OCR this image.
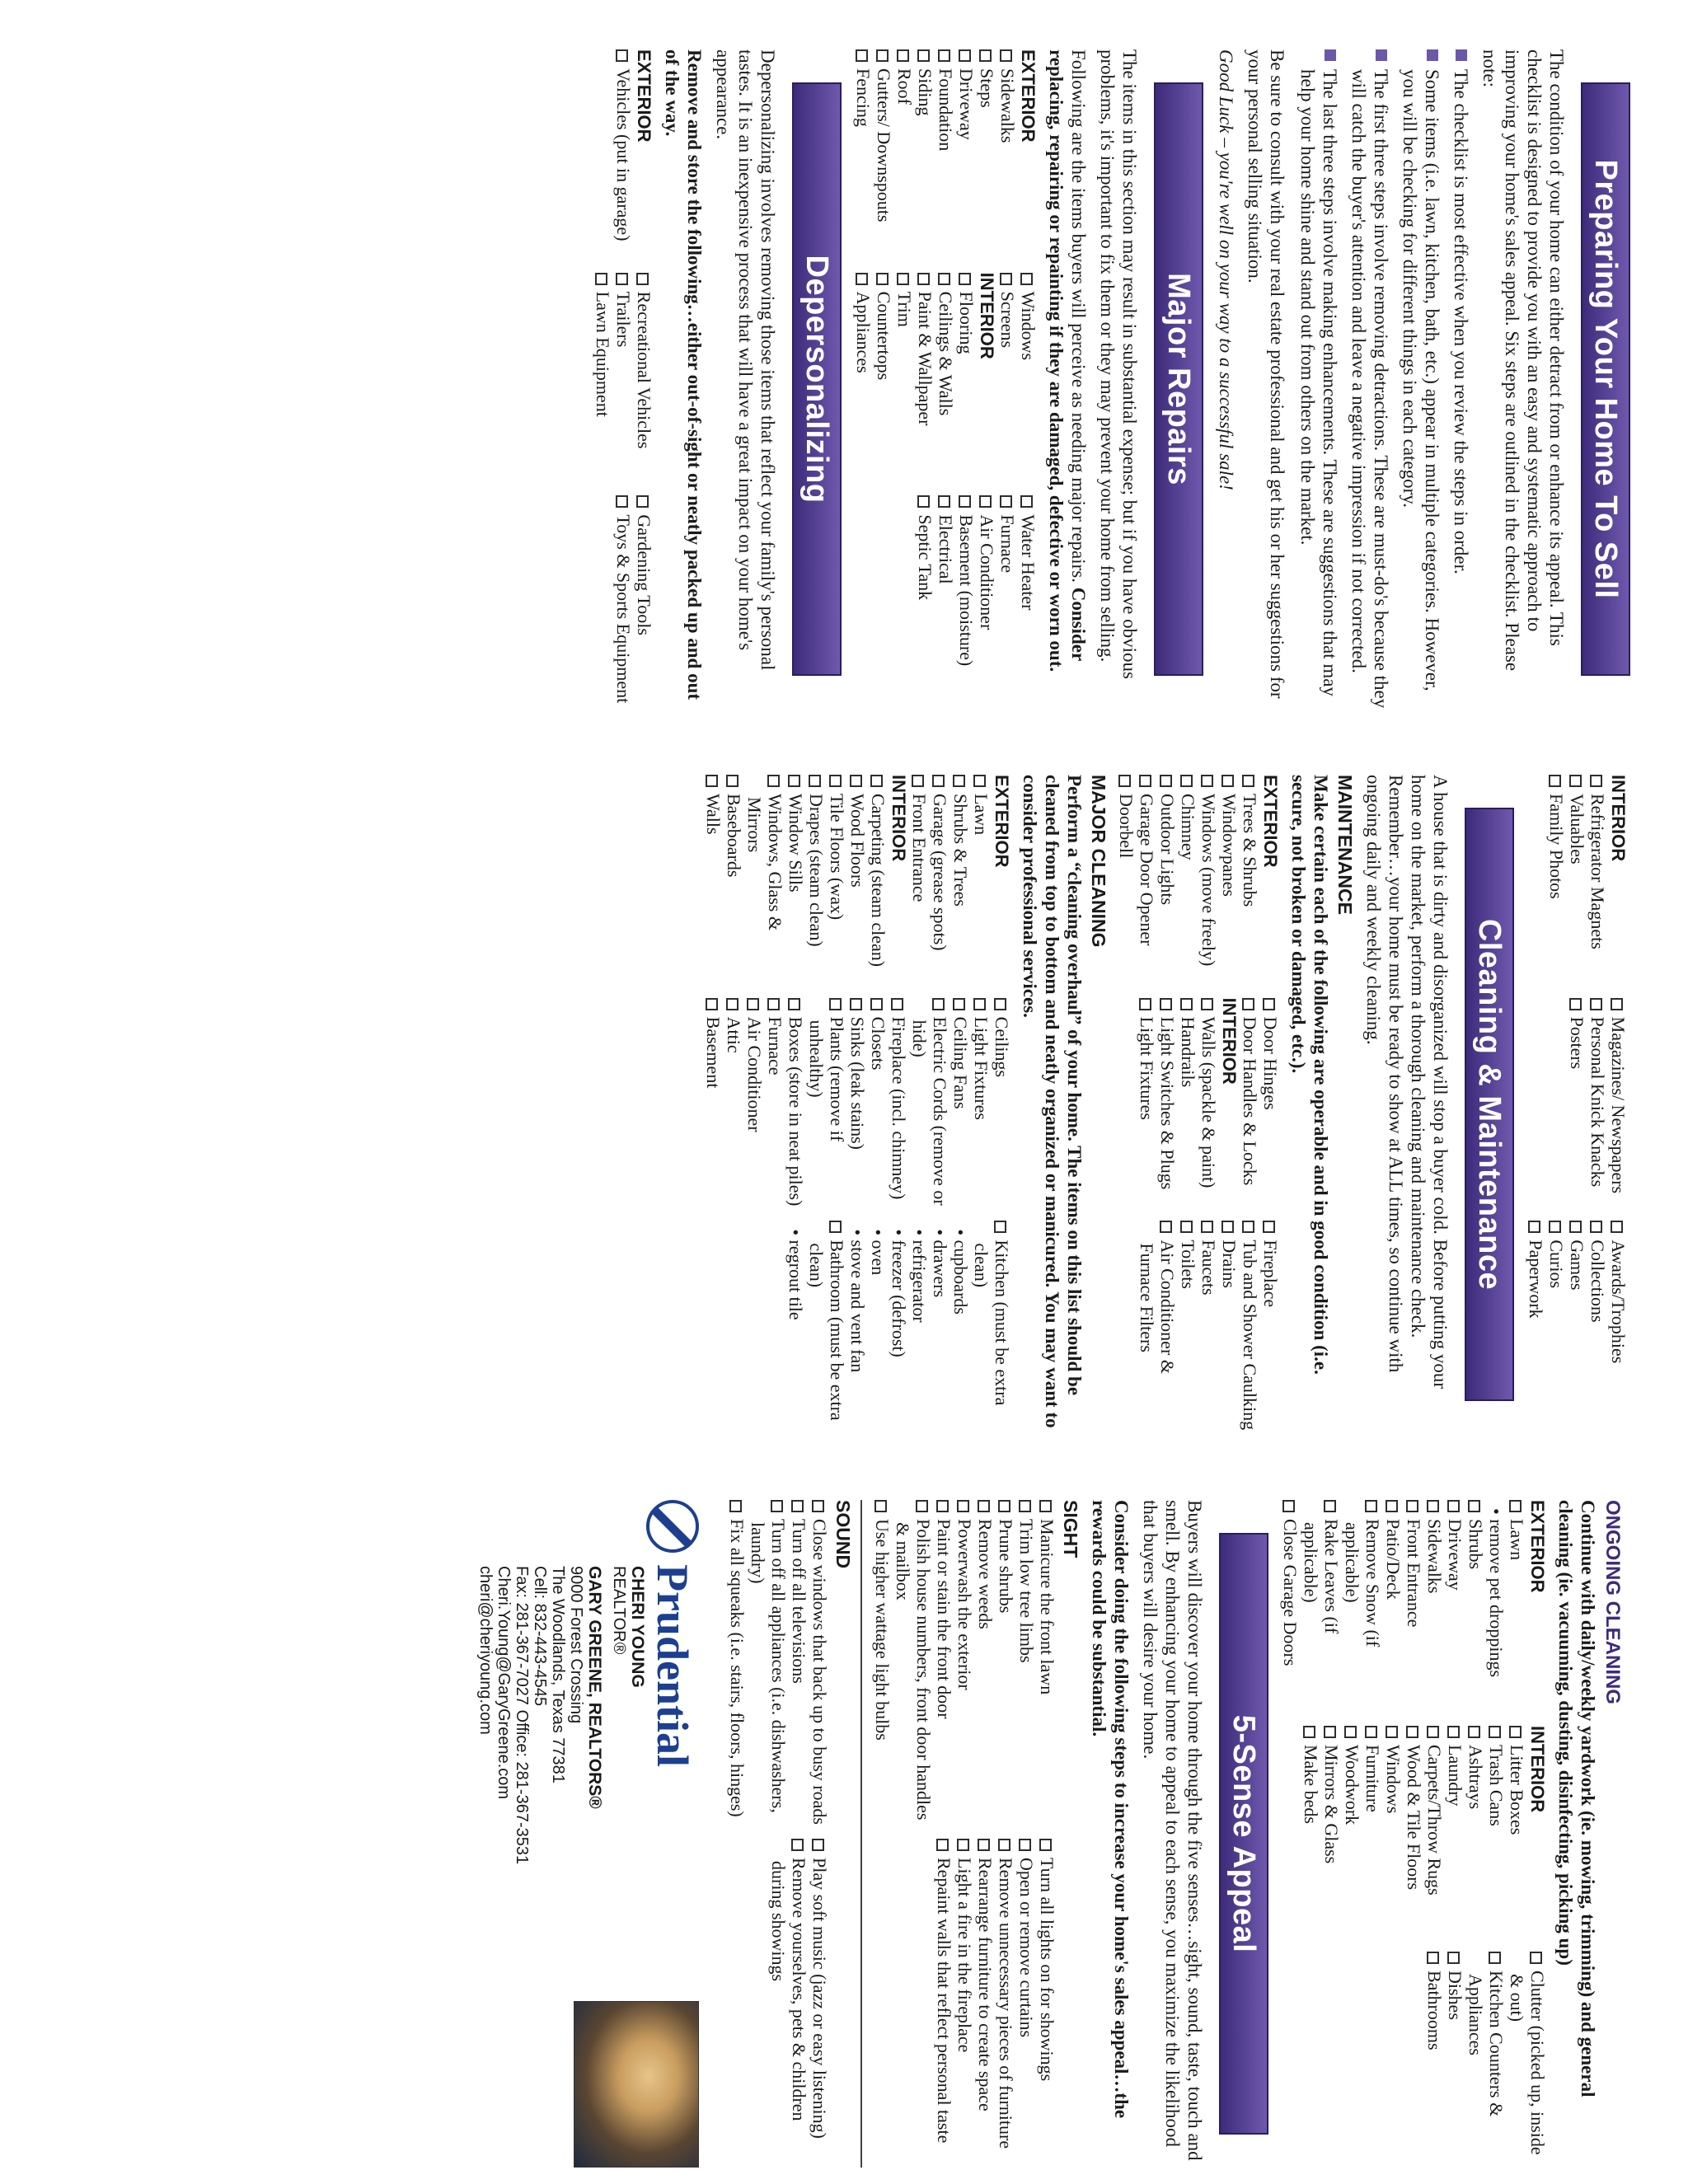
Preparing Your Home To Sell

The condition of your home can either detract from or enhance its appeal. This checklist is designed to provide you with an easy and systematic approach to improving your home's sales appeal. Six steps are outlined in the checklist. Please note:

The checklist is most effective when you review the steps in order.
Some items (i.e. lawn, kitchen, bath, etc.) appear in multiple categories. However, you will be checking for different things in each category.
The first three steps involve removing detractions. These are must-do's because they will catch the buyer's attention and leave a negative impression if not corrected.
The last three steps involve making enhancements. These are suggestions that may help your home shine and stand out from others on the market.

Be sure to consult with your real estate professional and get his or her suggestions for your personal selling situation.

Good Luck – you're well on your way to a successful sale!

Major Repairs

The items in this section may result in substantial expense; but if you have obvious problems, it's important to fix them or they may prevent your home from selling.

Following are the items buyers will perceive as needing major repairs. Consider replacing, repairing or repainting if they are damaged, defective or worn out.

EXTERIOR
Sidewalks
Steps
Driveway
Foundation
Siding
Roof
Gutters/ Downspouts
Fencing
Windows
Screens
INTERIOR
Flooring
Ceilings & Walls
Paint & Wallpaper
Trim
Countertops
Appliances
Water Heater
Furnace
Air Conditioner
Basement (moisture)
Electrical
Septic Tank
Depersonalizing

Depersonalizing involves removing those items that reflect your family's personal tastes. It is an inexpensive process that will have a great impact on your home's appearance.

Remove and store the following…either out-of-sight or neatly packed up and out of the way.

EXTERIOR
Vehicles (put in garage)
Recreational Vehicles
Trailers
Lawn Equipment
Gardening Tools
Toys & Sports Equipment
INTERIOR
Refrigerator Magnets
Valuables
Family Photos
Magazines/ Newspapers
Personal Knick Knacks
Posters
Awards/Trophies
Collections
Games
Curios
Paperwork
Cleaning & Maintenance

A house that is dirty and disorganized will stop a buyer cold. Before putting your home on the market, perform a thorough cleaning and maintenance check. Remember…your home must be ready to show at ALL times, so continue with ongoing daily and weekly cleaning.

MAINTENANCE

Make certain each of the following are operable and in good condition (i.e. secure, not broken or damaged, etc.).

EXTERIOR
Trees & Shrubs
Windowpanes
Windows (move freely)
Chimney
Outdoor Lights
Garage Door Opener
Doorbell
Door Hinges
Door Handles & Locks
INTERIOR
Walls (spackle & paint)
Handrails
Light Switches & Plugs
Light Fixtures
Fireplace
Tub and Shower Caulking
Drains
Faucets
Toilets
Air Conditioner & Furnace Filters
MAJOR CLEANING

Perform a “cleaning overhaul” of your home. The items on this list should be cleaned from top to bottom and neatly organized or manicured. You may want to consider professional services.

EXTERIOR
Lawn
Shrubs & Trees
Garage (grease spots)
Front Entrance
INTERIOR
Carpeting (steam clean)
Wood Floors
Tile Floors (wax)
Drapes (steam clean)
Window Sills
Windows, Glass & Mirrors
Baseboards
Walls
Ceilings
Light Fixtures
Ceiling Fans
Electric Cords (remove or hide)
Fireplace (incl. chimney)
Closets
Sinks (leak stains)
Plants (remove if unhealthy)
Boxes (store in neat piles)
Furnace
Air Conditioner
Attic
Basement
Kitchen (must be extra clean)
• cupboards
• drawers
• refrigerator
• freezer (defrost)
• oven
• stove and vent fan
Bathroom (must be extra clean)
• regrout tile
ONGOING CLEANING

Continue with daily/weekly yardwork (ie. mowing, trimming) and general cleaning (ie. vacuuming, dusting, disinfecting, picking up)

EXTERIOR
Lawn
• remove pet droppings
Shrubs
Driveway
Sidewalks
Front Entrance
Patio/Deck
Remove Snow (if applicable)
Rake Leaves (if applicable)
Close Garage Doors
INTERIOR
Litter Boxes
Trash Cans
Ashtrays
Laundry
Carpets/Throw Rugs
Wood & Tile Floors
Windows
Furniture
Woodwork
Mirrors & Glass
Make beds
Clutter (picked up, inside & out)
Kitchen Counters & Appliances
Dishes
Bathrooms
5-Sense Appeal

Buyers will discover your home through the five senses…sight, sound, taste, touch and smell. By enhancing your home to appeal to each sense, you maximize the likelihood that buyers will desire your home.

Consider doing the following steps to increase your home's sales appeal…the rewards could be substantial.

SIGHT
Manicure the front lawn
Trim low tree limbs
Prune shrubs
Remove weeds
Powerwash the exterior
Paint or stain the front door
Polish house numbers, front door handles & mailbox
Use higher wattage light bulbs
Turn all lights on for showings
Open or remove curtains
Remove unnecessary pieces of furniture
Rearrange furniture to create space
Light a fire in the fireplace
Repaint walls that reflect personal taste
SOUND
Close windows that back up to busy roads
Turn off all televisions
Turn off all appliances (i.e. dishwashers, laundry)
Fix all squeaks (i.e. stairs, floors, hinges)
Play soft music (jazz or easy listening)
Remove yourselves, pets & children during showings
Prudential
CHERI YOUNG
REALTOR®
GARY GREENE, REALTORS®
9000 Forest Crossing
The Woodlands, Texas 77381
Cell: 832-443-4545
Fax: 281-367-7027 Office: 281-367-3531
Cheri.Young@GaryGreene.com
cheri@cheriyoung.com
